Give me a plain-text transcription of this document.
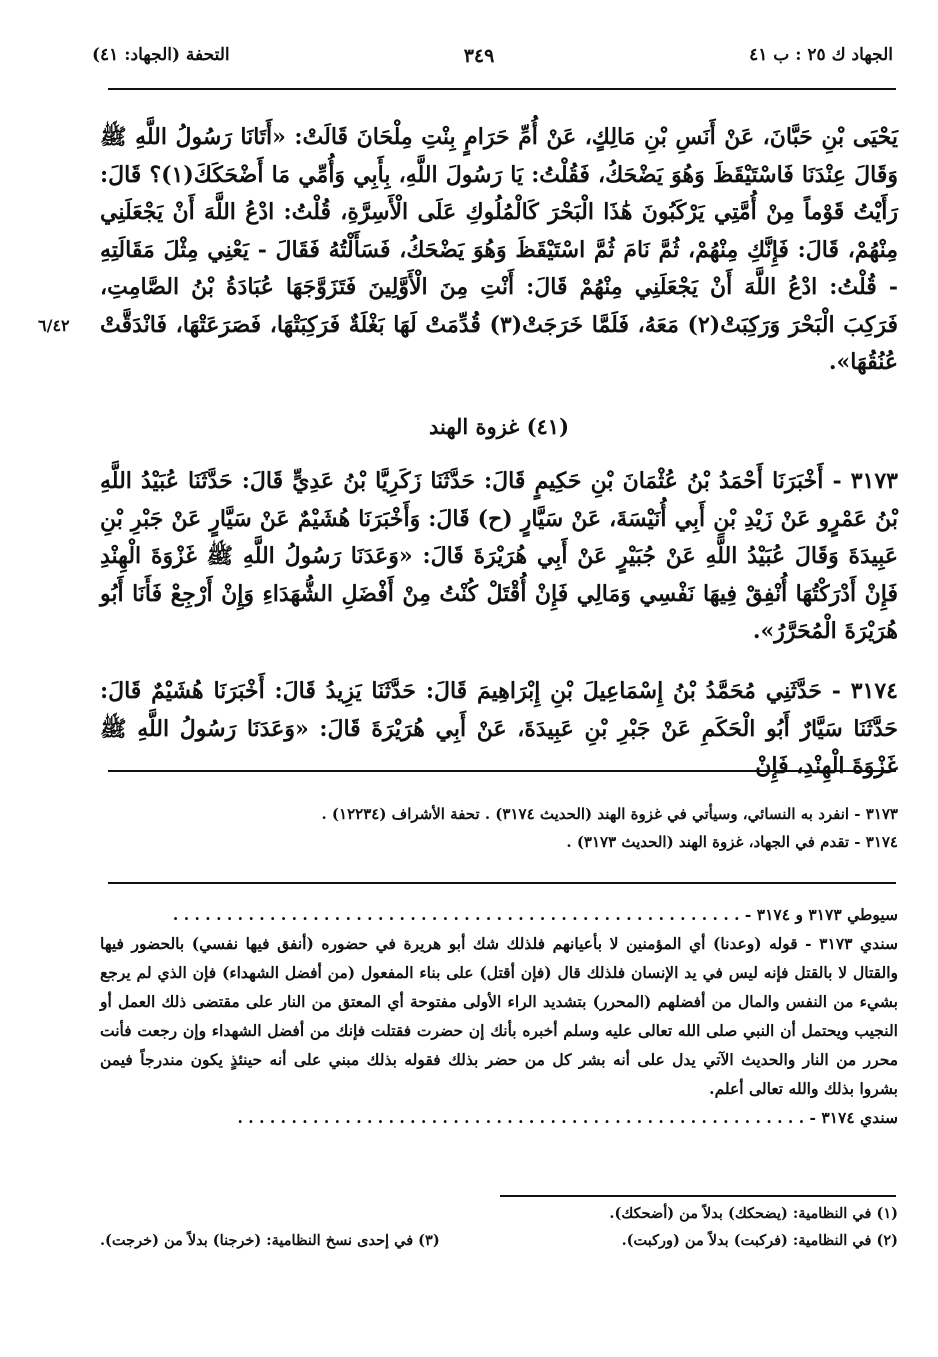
الجهاد ك ٢٥ : ب ٤١
٣٤٩
التحفة (الجهاد: ٤١)

يَحْيَى بْنِ حَبَّانَ، عَنْ أَنَسِ بْنِ مَالِكٍ، عَنْ أُمِّ حَرَامٍ بِنْتِ مِلْحَانَ قَالَتْ: «أَتَانَا رَسُولُ اللَّهِ ﷺ وَقَالَ عِنْدَنَا فَاسْتَيْقَظَ وَهُوَ يَضْحَكُ، فَقُلْتُ: يَا رَسُولَ اللَّهِ، بِأَبِي وَأُمِّي مَا أَضْحَكَكَ(١)؟ قَالَ: رَأَيْتُ قَوْماً مِنْ أُمَّتِي يَرْكَبُونَ هَٰذَا الْبَحْرَ كَالْمُلُوكِ عَلَى الْأَسِرَّةِ، قُلْتُ: ادْعُ اللَّهَ أَنْ يَجْعَلَنِي مِنْهُمْ، قَالَ: فَإِنَّكِ مِنْهُمْ، ثُمَّ نَامَ ثُمَّ اسْتَيْقَظَ وَهُوَ يَضْحَكُ، فَسَأَلْتُهُ فَقَالَ - يَعْنِي مِثْلَ مَقَالَتِهِ - قُلْتُ: ادْعُ اللَّهَ أَنْ يَجْعَلَنِي مِنْهُمْ قَالَ: أَنْتِ مِنَ الْأَوَّلِينَ فَتَزَوَّجَهَا عُبَادَةُ بْنُ الصَّامِتِ، فَرَكِبَ الْبَحْرَ وَرَكِبَتْ(٢) مَعَهُ، فَلَمَّا خَرَجَتْ(٣) قُدِّمَتْ لَهَا بَغْلَةٌ فَرَكِبَتْهَا، فَصَرَعَتْهَا، فَانْدَقَّتْ عُنُقُهَا».

٦/٤٢
(٤١) غزوة الهند

٣١٧٣ - أَخْبَرَنَا أَحْمَدُ بْنُ عُثْمَانَ بْنِ حَكِيمٍ قَالَ: حَدَّثَنَا زَكَرِيَّا بْنُ عَدِيٍّ قَالَ: حَدَّثَنَا عُبَيْدُ اللَّهِ بْنُ عَمْرٍو عَنْ زَيْدِ بْنِ أَبِي أُنَيْسَةَ، عَنْ سَيَّارٍ (ح) قَالَ: وَأَخْبَرَنَا هُشَيْمٌ عَنْ سَيَّارٍ عَنْ جَبْرِ بْنِ عَبِيدَةَ وَقَالَ عُبَيْدُ اللَّهِ عَنْ جُبَيْرٍ عَنْ أَبِي هُرَيْرَةَ قَالَ: «وَعَدَنَا رَسُولُ اللَّهِ ﷺ غَزْوَةَ الْهِنْدِ فَإِنْ أَدْرَكْتُهَا أُنْفِقْ فِيهَا نَفْسِي وَمَالِي فَإِنْ أُقْتَلْ كُنْتُ مِنْ أَفْضَلِ الشُّهَدَاءِ وَإِنْ أَرْجِعْ فَأَنَا أَبُو هُرَيْرَةَ الْمُحَرَّرُ».

٣١٧٤ - حَدَّثَنِي مُحَمَّدُ بْنُ إِسْمَاعِيلَ بْنِ إِبْرَاهِيمَ قَالَ: حَدَّثَنَا يَزِيدُ قَالَ: أَخْبَرَنَا هُشَيْمٌ قَالَ: حَدَّثَنَا سَيَّارٌ أَبُو الْحَكَمِ عَنْ جَبْرِ بْنِ عَبِيدَةَ، عَنْ أَبِي هُرَيْرَةَ قَالَ: «وَعَدَنَا رَسُولُ اللَّهِ ﷺ غَزْوَةَ الْهِنْدِ، فَإِنْ

٣١٧٣ - انفرد به النسائي، وسيأتي في غزوة الهند (الحديث ٣١٧٤) . تحفة الأشراف (١٢٢٣٤) .

٣١٧٤ - تقدم في الجهاد، غزوة الهند (الحديث ٣١٧٣) .

سيوطي ٣١٧٣ و ٣١٧٤ - . . . . . . . . . . . . . . . . . . . . . . . . . . . . . . . . . . . . . . . . . . . . . . . . . . . . .

سندي ٣١٧٣ - قوله (وعدنا) أي المؤمنين لا بأعيانهم فلذلك شك أبو هريرة في حضوره (أنفق فيها نفسي) بالحضور فيها والقتال لا بالقتل فإنه ليس في يد الإنسان فلذلك قال (فإن أقتل) على بناء المفعول (من أفضل الشهداء) فإن الذي لم يرجع بشيء من النفس والمال من أفضلهم (المحرر) بتشديد الراء الأولى مفتوحة أي المعتق من النار على مقتضى ذلك العمل أو النجيب ويحتمل أن النبي صلى الله تعالى عليه وسلم أخبره بأنك إن حضرت فقتلت فإنك من أفضل الشهداء وإن رجعت فأنت محرر من النار والحديث الآتي يدل على أنه بشر كل من حضر بذلك فقوله بذلك مبني على أنه حينئذٍ يكون مندرجاً فيمن بشروا بذلك والله تعالى أعلم.

سندي ٣١٧٤ - . . . . . . . . . . . . . . . . . . . . . . . . . . . . . . . . . . . . . . . . . . . . . . . . . . . . .

(١) في النظامية: (يضحكك) بدلاً من (أضحكك).

(٢) في النظامية: (فركبت) بدلاً من (وركبت).
(٣) في إحدى نسخ النظامية: (خرجنا) بدلاً من (خرجت).
